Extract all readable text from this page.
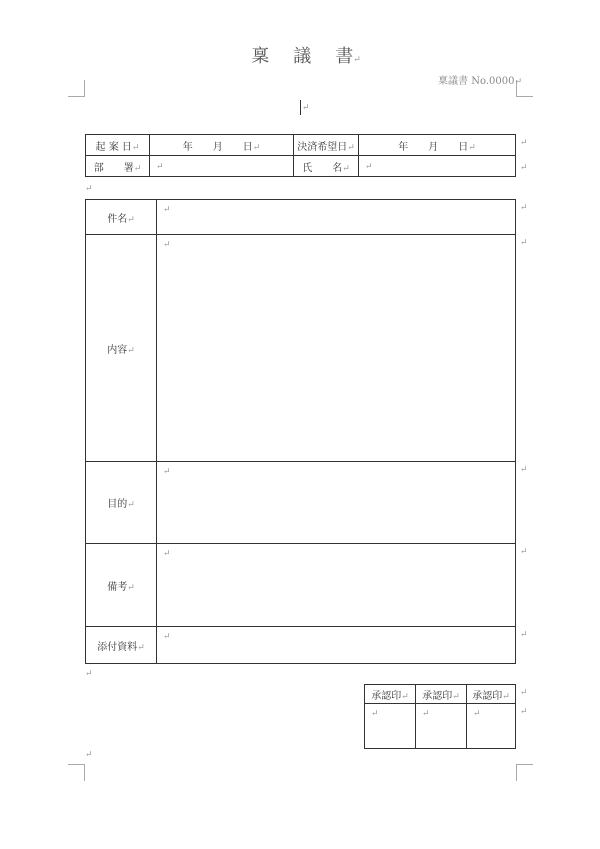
稟 議 書↵
稟議書 No.0000↵
↵
起 案 日↵	年　　月　　日↵	決済希望日↵	年　　月　　日↵
部　　署↵	↵	氏　　名↵	↵
↵
↵
↵
件名↵	↵
内容↵	↵
目的↵	↵
備考↵	↵
添付資料↵	↵
↵
↵
↵
↵
↵
↵
承認印↵	承認印↵	承認印↵
↵	↵	↵
↵
↵
↵
